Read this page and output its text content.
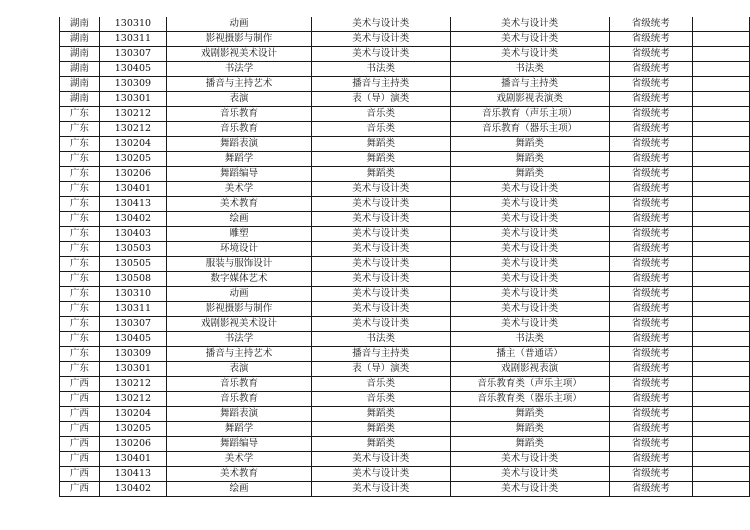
湖南	130310	动画	美术与设计类	美术与设计类	省级统考	
湖南	130311	影视摄影与制作	美术与设计类	美术与设计类	省级统考	
湖南	130307	戏剧影视美术设计	美术与设计类	美术与设计类	省级统考	
湖南	130405	书法学	书法类	书法类	省级统考	
湖南	130309	播音与主持艺术	播音与主持类	播音与主持类	省级统考	
湖南	130301	表演	表（导）演类	戏剧影视表演类	省级统考	
广东	130212	音乐教育	音乐类	音乐教育（声乐主项）	省级统考	
广东	130212	音乐教育	音乐类	音乐教育（器乐主项）	省级统考	
广东	130204	舞蹈表演	舞蹈类	舞蹈类	省级统考	
广东	130205	舞蹈学	舞蹈类	舞蹈类	省级统考	
广东	130206	舞蹈编导	舞蹈类	舞蹈类	省级统考	
广东	130401	美术学	美术与设计类	美术与设计类	省级统考	
广东	130413	美术教育	美术与设计类	美术与设计类	省级统考	
广东	130402	绘画	美术与设计类	美术与设计类	省级统考	
广东	130403	雕塑	美术与设计类	美术与设计类	省级统考	
广东	130503	环境设计	美术与设计类	美术与设计类	省级统考	
广东	130505	服装与服饰设计	美术与设计类	美术与设计类	省级统考	
广东	130508	数字媒体艺术	美术与设计类	美术与设计类	省级统考	
广东	130310	动画	美术与设计类	美术与设计类	省级统考	
广东	130311	影视摄影与制作	美术与设计类	美术与设计类	省级统考	
广东	130307	戏剧影视美术设计	美术与设计类	美术与设计类	省级统考	
广东	130405	书法学	书法类	书法类	省级统考	
广东	130309	播音与主持艺术	播音与主持类	播主（普通话）	省级统考	
广东	130301	表演	表（导）演类	戏剧影视表演	省级统考	
广西	130212	音乐教育	音乐类	音乐教育类（声乐主项）	省级统考	
广西	130212	音乐教育	音乐类	音乐教育类（器乐主项）	省级统考	
广西	130204	舞蹈表演	舞蹈类	舞蹈类	省级统考	
广西	130205	舞蹈学	舞蹈类	舞蹈类	省级统考	
广西	130206	舞蹈编导	舞蹈类	舞蹈类	省级统考	
广西	130401	美术学	美术与设计类	美术与设计类	省级统考	
广西	130413	美术教育	美术与设计类	美术与设计类	省级统考	
广西	130402	绘画	美术与设计类	美术与设计类	省级统考	
